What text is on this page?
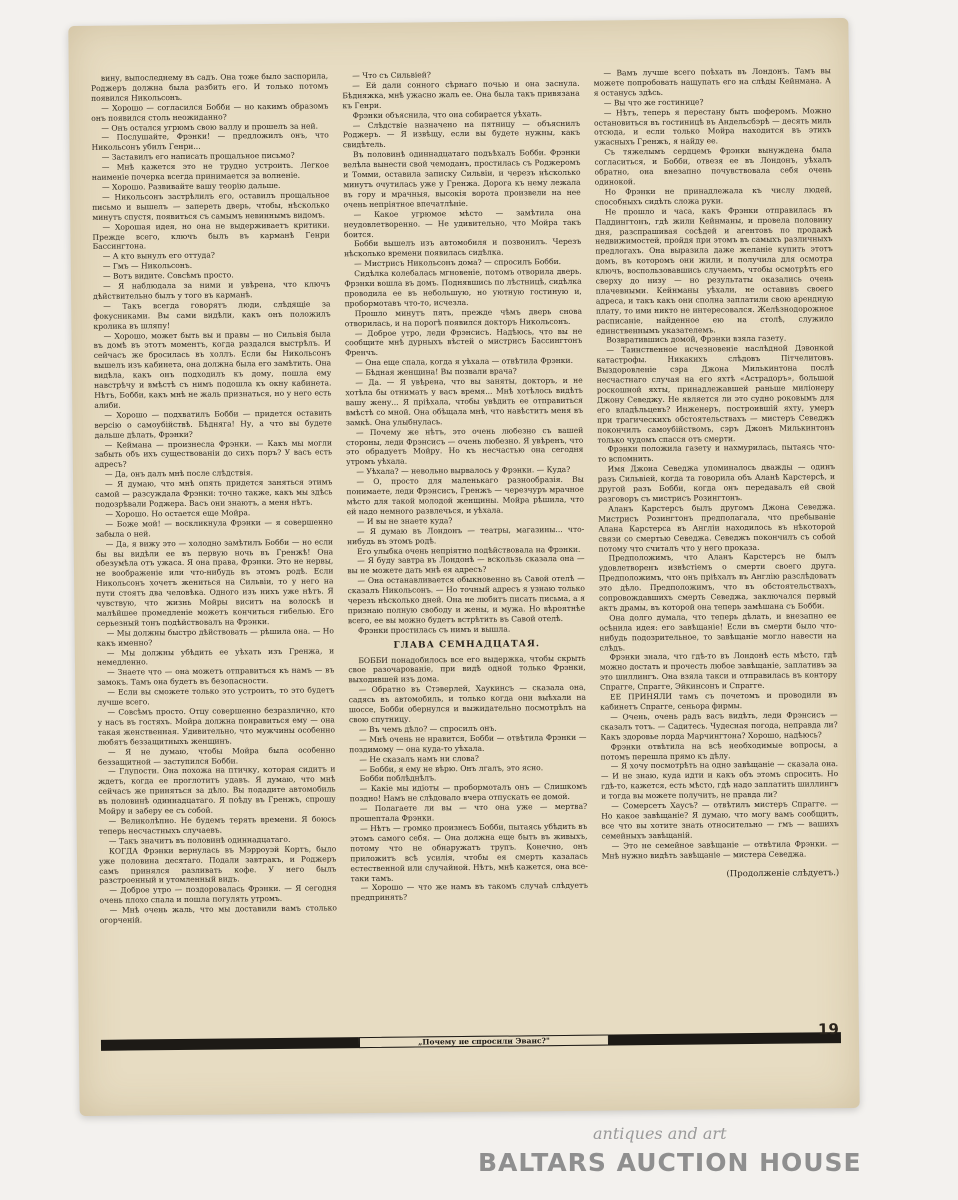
вину, выпоследнему въ садъ. Она тоже было заспорила, Роджеръ должна была разбить его. И только потомъ появился Никольсонъ.

— Хорошо — согласился Бобби — но какимъ образомъ онъ появился столь неожиданно?

— Онъ остался угрюмъ свою валлу и прошелъ за ней.

— Послушайте, Фрэнки! — предложилъ онъ, что Никольсонъ убилъ Генри...

— Заставилъ его написать прощальное письмо?

— Мнѣ кажется это не трудно устроить. Легкое наименіе почерка всегда принимается за волненіе.

— Хорошо. Развивайте вашу теорію дальше.

— Никольсонъ застрѣлилъ его, оставилъ прощальное письмо и вышелъ — запереть дверь, чтобы, нѣсколько минутъ спустя, появиться съ самымъ невиннымъ видомъ.

— Хорошая идея, но она не выдерживаетъ критики. Прежде всего, ключъ былъ въ карманѣ Генри Бассингтона.

— А кто вынулъ его оттуда?

— Гмъ — Никольсонъ.

— Вотъ видите. Совсѣмъ просто.

— Я наблюдала за ними и увѣрена, что ключъ дѣйствительно былъ у того въ карманѣ.

— Такъ всегда говорятъ люди, слѣдящіе за фокусниками. Вы сами видѣли, какъ онъ положилъ кролика въ шляпу!

— Хорошо, может быть вы и правы — но Сильвія была въ домѣ въ этотъ моментъ, когда раздался выстрѣлъ. И сейчасъ же бросилась въ холлъ. Если бы Никольсонъ вышелъ изъ кабинета, она должна была его замѣтить. Она видѣла, какъ онъ подходилъ къ дому, пошла ему навстрѣчу и вмѣстѣ съ нимъ подошла къ окну кабинета. Нѣтъ, Бобби, какъ мнѣ не жаль признаться, но у него есть алиби.

— Хорошо — подхватилъ Бобби — придется оставить версію о самоубійствѣ. Бѣдняга! Ну, а что вы будете дальше дѣлать, Фрэнки?

— Кеймана — произнесла Фрэнки. — Какъ мы могли забыть объ ихъ существованіи до сихъ поръ? У васъ есть адресъ?

— Да, онъ далъ мнѣ после слѣдствія.

— Я думаю, что мнѣ опять придется заняться этимъ самой — разсуждала Фрэнки: точно также, какъ мы здѣсь подозрѣвали Роджера. Васъ они знаютъ, а меня нѣтъ.

— Хорошо. Но остается еще Мойра.

— Боже мой! — воскликнула Фрэнки — я совершенно забыла о ней.

— Да, я вижу это — холодно замѣтилъ Бобби — но если бы вы видѣли ее въ первую ночь въ Гренжѣ! Она обезумѣла отъ ужаса. Я она права, Фрэнки. Это не нервы, не воображеніе или что-нибудь въ этомъ родѣ. Если Никольсонъ хочетъ жениться на Сильвіи, то у него на пути стоятъ два человѣка. Одного изъ нихъ уже нѣтъ. Я чувствую, что жизнь Мойры виситъ на волоскѣ и малѣйшее промедленіе можетъ кончиться гибелью. Его серьезный тонъ подѣйствовалъ на Фрэнки.

— Мы должны быстро дѣйствовать — рѣшила она. — Но какъ именно?

— Мы должны убѣдить ее уѣхать изъ Гренжа, и немедленно.

— Знаете что — она можетъ отправиться къ намъ — въ замокъ. Тамъ она будетъ въ безопасности.

— Если вы сможете только это устроить, то это будетъ лучше всего.

— Совсѣмъ просто. Отцу совершенно безразлично, кто у насъ въ гостяхъ. Мойра должна понравиться ему — она такая женственная. Удивительно, что мужчины особенно любятъ беззащитныхъ женщинъ.

— Я не думаю, чтобы Мойра была особенно беззащитной — заступился Бобби.

— Глупости. Она похожа на птичку, которая сидитъ и ждетъ, когда ее проглотитъ удавъ. Я думаю, что мнѣ сейчасъ же приняться за дѣло. Вы подадите автомобиль въ половинѣ одиннадцатаго. Я поѣду въ Гренжъ, спрошу Мойру и заберу ее съ собой.

— Великолѣпно. Не будемъ терять времени. Я боюсь теперь несчастныхъ случаевъ.

— Такъ значитъ въ половинѣ одиннадцатаго.

КОГДА Фрэнки вернулась въ Мэрроуэй Кортъ, было уже половина десятаго. Подали завтракъ, и Роджеръ самъ принялся разливать кофе. У него былъ разстроенный и утомленный видъ.

— Доброе утро — поздоровалась Фрэнки. — Я сегодня очень плохо спала и пошла погулять утромъ.

— Мнѣ очень жаль, что мы доставили вамъ столько огорченій.

— Что съ Сильвіей?

— Ей дали сонного сѣрнаго почью и она заснула. Бѣдняжка, мнѣ ужасно жаль ее. Она была такъ привязана къ Генри.

Фрэнки объяснила, что она собирается уѣхать.

— Слѣдствіе назначено на пятницу — объяснилъ Роджеръ. — Я извѣщу, если вы будете нужны, какъ свидѣтель.

Въ половинѣ одиннадцатаго подъѣхалъ Бобби. Фрэнки велѣла вынести свой чемоданъ, простилась съ Роджеромъ и Томми, оставила записку Сильвіи, и черезъ нѣсколько минутъ очутилась уже у Гренжа. Дорога къ нему лежала въ гору и мрачныя, высокія ворота произвели на нее очень непріятное впечатлѣніе.

— Какое угрюмое мѣсто — замѣтила она неудовлетворенно. — Не удивительно, что Мойра такъ боится.

Бобби вышелъ изъ автомобиля и позвонилъ. Черезъ нѣсколько времени появилась сидѣлка.

— Мистрисъ Никольсонъ дома? — спросилъ Бобби.

Сидѣлка колебалась мгновеніе, потомъ отворила дверь. Фрэнки вошла въ домъ. Поднявшись по лѣстницѣ, сидѣлка проводила ее въ небольшую, но уютную гостиную и, пробормотавъ что-то, исчезла.

Прошло минутъ пять, прежде чѣмъ дверь снова отворилась, и на порогѣ появился докторъ Никольсонъ.

— Доброе утро, леди Фрэнсисъ. Надѣюсь, что вы не сообщите мнѣ дурныхъ вѣстей о мистрисъ Бассингтонъ Френчъ.

— Она еще спала, когда я уѣхала — отвѣтила Фрэнки.

— Бѣдная женщина! Вы позвали врача?

— Да. — Я увѣрена, что вы заняты, докторъ, и не хотѣла бы отнимать у васъ время... Мнѣ хотѣлось видѣть вашу жену... Я пріѣхала, чтобы увѣдить ее отправиться вмѣстѣ со мной. Она обѣщала мнѣ, что навѣститъ меня въ замкѣ. Она улыбнулась.

— Почему же нѣтъ, это очень любезно съ вашей стороны, леди Фрэнсисъ — очень любезно. Я увѣренъ, что это обрадуетъ Мойру. Но къ несчастью она сегодня утромъ уѣхала.

— Уѣхала? — невольно вырвалось у Фрэнки. — Куда?

— О, просто для маленькаго разнообразія. Вы понимаете, леди Фрэнсисъ, Гренжъ — черезчуръ мрачное мѣсто для такой молодой женщины. Мойра рѣшила, что ей надо немного развлечься, и уѣхала.

— И вы не знаете куда?

— Я думаю въ Лондонъ — театры, магазины... что-нибудь въ этомъ родѣ.

Его улыбка очень непріятно подѣйствовала на Фрэнки.

— Я буду завтра въ Лондонѣ — вскользь сказала она — вы не можете дать мнѣ ея адресъ?

— Она останавливается обыкновенно въ Савой отелѣ — сказалъ Никольсонъ. — Но точный адресъ я узнаю только черезъ нѣсколько дней. Она не любитъ писать письма, а я признаю полную свободу и жены, и мужа. Но вѣроятнѣе всего, ее вы можно будетъ встрѣтить въ Савой отелѣ.

Фрэнки простилась съ нимъ и вышла.

ГЛАВА СЕМНАДЦАТАЯ.

БОББИ понадобилось все его выдержка, чтобы скрыть свое разочарованіе, при видѣ одной только Фрэнки, выходившей изъ дома.

— Обратно въ Стэверлей, Хаукинсъ — сказала она, садясь въ автомобиль, и только когда они выѣхали на шоссе, Бобби обернулся и выжидательно посмотрѣлъ на свою спутницу.

— Въ чемъ дѣло? — спросилъ онъ.

— Мнѣ очень не нравится, Бобби — отвѣтила Фрэнки — поздимому — она куда-то уѣхала.

— Не сказалъ намъ ни слова?

— Бобби, я ему не вѣрю. Онъ лгалъ, это ясно.

Бобби поблѣднѣлъ.

— Какіе мы идіоты — пробормоталъ онъ — Слишкомъ поздно! Намъ не слѣдовало вчера отпускать ее домой.

— Полагаете ли вы — что она уже — мертва? прошептала Фрэнки.

— Нѣтъ — громко произнесъ Бобби, пытаясь убѣдить въ этомъ самого себя. — Она должна еще быть въ живыхъ, потому что не обнаружатъ трупъ. Конечно, онъ приложитъ всѣ усилія, чтобы ея смерть казалась естественной или случайной. Нѣтъ, мнѣ кажется, она все-таки тамъ.

— Хорошо — что же намъ въ такомъ случаѣ слѣдуетъ предпринять?

— Вамъ лучше всего поѣхать въ Лондонъ. Тамъ вы можете попробовать нащупать его на слѣды Кейнмана. А я останусь здѣсь.

— Вы что же гостинице?

— Нѣтъ, теперь я перестану быть шоферомъ. Можно остановиться въ гостиницѣ въ Андельсбэрѣ — десять миль отсюда, и если только Мойра находится въ этихъ ужасныхъ Гренжъ, я найду ее.

Съ тяжелымъ сердцемъ Фрэнки вынуждена была согласиться, и Бобби, отвезя ее въ Лондонъ, уѣхалъ обратно, она внезапно почувствовала себя очень одинокой.

Но Фрэнки не принадлежала къ числу людей, способныхъ сидѣть сложа руки.

Не прошло и часа, какъ Фрэнки отправилась въ Паддингтонъ, гдѣ жили Кейнманы, и провела половину дня, разспрашивая сосѣдей и агентовъ по продажѣ недвижимостей, пройдя при этомъ въ самыхъ различныхъ предлогахъ. Она выразила даже желаніе купить этотъ домъ, въ которомъ они жили, и получила для осмотра ключъ, воспользовавшись случаемъ, чтобы осмотрѣть его сверху до низу — но результаты оказались очень плачевными. Кейнманы уѣхали, не оставивъ своего адреса, и такъ какъ они сполна заплатили свою арендную плату, то ими никто не интересовался. Желѣзнодорожное расписаніе, найденное ею на столѣ, служило единственнымъ указателемъ.

Возвратившись домой, Фрэнки взяла газету.

— Таинственное исчезновеніе наслѣдной Дэвонкой катастрофы. Никакихъ слѣдовъ Пітчелитовъ. Выздоровленіе сэра Джона Милькинтона послѣ несчастнаго случая на его яхтѣ «Астрадоръ», большой роскошной яхты, принадлежавшей раньше миліонеру Джону Севеджу. Не является ли это судно роковымъ для его владѣльцевъ? Инженеръ, построившій яхту, умеръ при трагическихъ обстоятельствахъ — мистеръ Севеджъ покончилъ самоубійствомъ, сэръ Джонъ Милькинтонъ только чудомъ спасся отъ смерти.

Фрэнки положила газету и нахмурилась, пытаясь что-то вспомнить.

Имя Джона Севеджа упоминалось дважды — одинъ разъ Сильвіей, когда та говорила объ Аланѣ Карстерсѣ, и другой разъ Бобби, когда онъ передавалъ ей свой разговоръ съ мистрисъ Розингтонъ.

Аланъ Карстерсъ былъ другомъ Джона Севеджа. Мистрисъ Розингтонъ предполагала, что пребываніе Алана Карстерса въ Англіи находилось въ нѣкоторой связи со смертью Севеджа. Севеджъ покончилъ съ собой потому что считалъ что у него проказа.

Предположимъ, что Аланъ Карстерсъ не былъ удовлетворенъ извѣстіемъ о смерти своего друга. Предположимъ, что онъ пріѣхалъ въ Англію разслѣдовать это дѣло. Предположимъ, что въ обстоятельствахъ, сопровождавшихъ смерть Севеджа, заключался первый актъ драмы, въ которой она теперь замѣшана съ Бобби.

Она долго думала, что теперь дѣлать, и внезапно ее осѣнила идея: его завѣщаніе! Если въ смерти было что-нибудь подозрительное, то завѣщаніе могло навести на слѣдъ.

Фрэнки знала, что гдѣ-то въ Лондонѣ есть мѣсто, гдѣ можно достать и прочесть любое завѣщаніе, заплативъ за это шиллингъ. Она взяла такси и отправилась въ контору Спрагге, Спрагге, Эйкинсонъ и Спрагге.

ЕЕ ПРИНЯЛИ тамъ съ почетомъ и проводили въ кабинетъ Спрагге, сеньора фирмы.

— Очень, очень радъ васъ видѣть, леди Фрэнсисъ — сказалъ тотъ. — Садитесь. Чудесная погода, неправда ли? Какъ здоровье лорда Марчингтона? Хорошо, надѣюсь?

Фрэнки отвѣтила на всѣ необходимые вопросы, а потомъ перешла прямо къ дѣлу.

— Я хочу посмотрѣть на одно завѣщаніе — сказала она. — И не знаю, куда идти и какъ объ этомъ спросить. Но гдѣ-то, кажется, есть мѣсто, гдѣ надо заплатить шиллингъ и тогда вы можете получить, не правда ли?

— Сомерсетъ Хаусъ? — отвѣтилъ мистеръ Спрагге. — Но какое завѣщаніе? Я думаю, что могу вамъ сообщить, все что вы хотите знать относительно — гмъ — вашихъ семейныхъ завѣщаній.

— Это не семейное завѣщаніе — отвѣтила Фрэнки. — Мнѣ нужно видѣть завѣщаніе — мистера Севеджа.

(Продолженіе слѣдуетъ.)
„Почему не спросили Эванс?"
19
antiques and art
BALTARS AUCTION HOUSE
